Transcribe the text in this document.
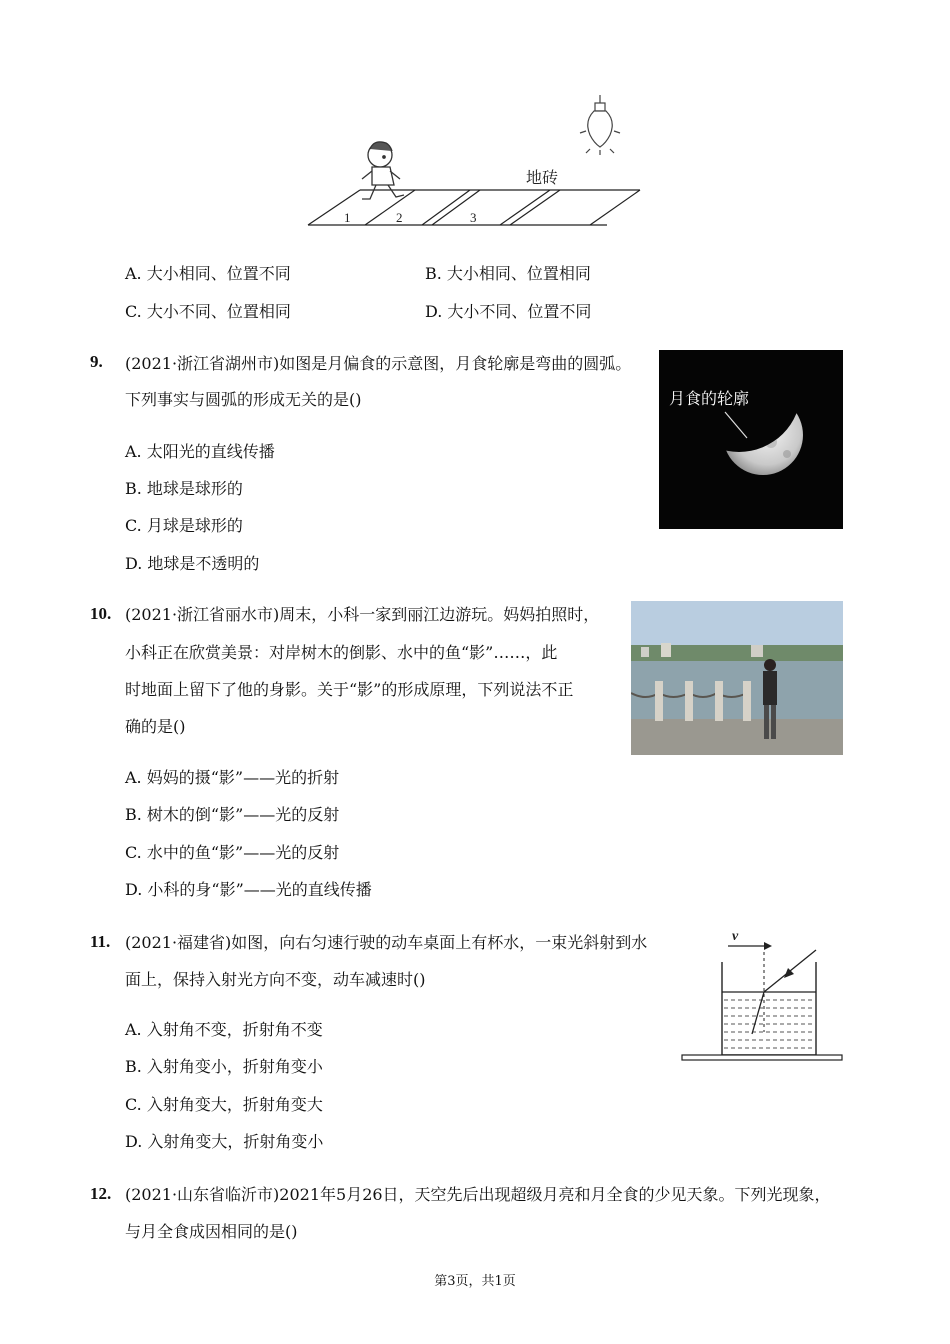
1	2	3
地砖
A. 大小相同、位置不同	B. 大小相同、位置相同
C. 大小不同、位置相同	D. 大小不同、位置不同
9. (2021·浙江省湖州市)如图是月偏食的示意图，月食轮廓是弯曲的圆弧。
下列事实与圆弧的形成无关的是()
A. 太阳光的直线传播
B. 地球是球形的
C. 月球是球形的
D. 地球是不透明的
月食的轮廓
10. (2021·浙江省丽水市)周末，小科一家到丽江边游玩。妈妈拍照时，
小科正在欣赏美景：对岸树木的倒影、水中的鱼“影”……，此
时地面上留下了他的身影。关于“影”的形成原理，下列说法不正
确的是()
A. 妈妈的摄“影”——光的折射
B. 树木的倒“影”——光的反射
C. 水中的鱼“影”——光的反射
D. 小科的身“影”——光的直线传播
11. (2021·福建省)如图，向右匀速行驶的动车桌面上有杯水，一束光斜射到水
面上，保持入射光方向不变，动车减速时()
A. 入射角不变，折射角不变
B. 入射角变小，折射角变小
C. 入射角变大，折射角变大
D. 入射角变大，折射角变小
v
12. (2021·山东省临沂市)2021年5月26日，天空先后出现超级月亮和月全食的少见天象。下列光现象，
与月全食成因相同的是()
第3页，共1页
